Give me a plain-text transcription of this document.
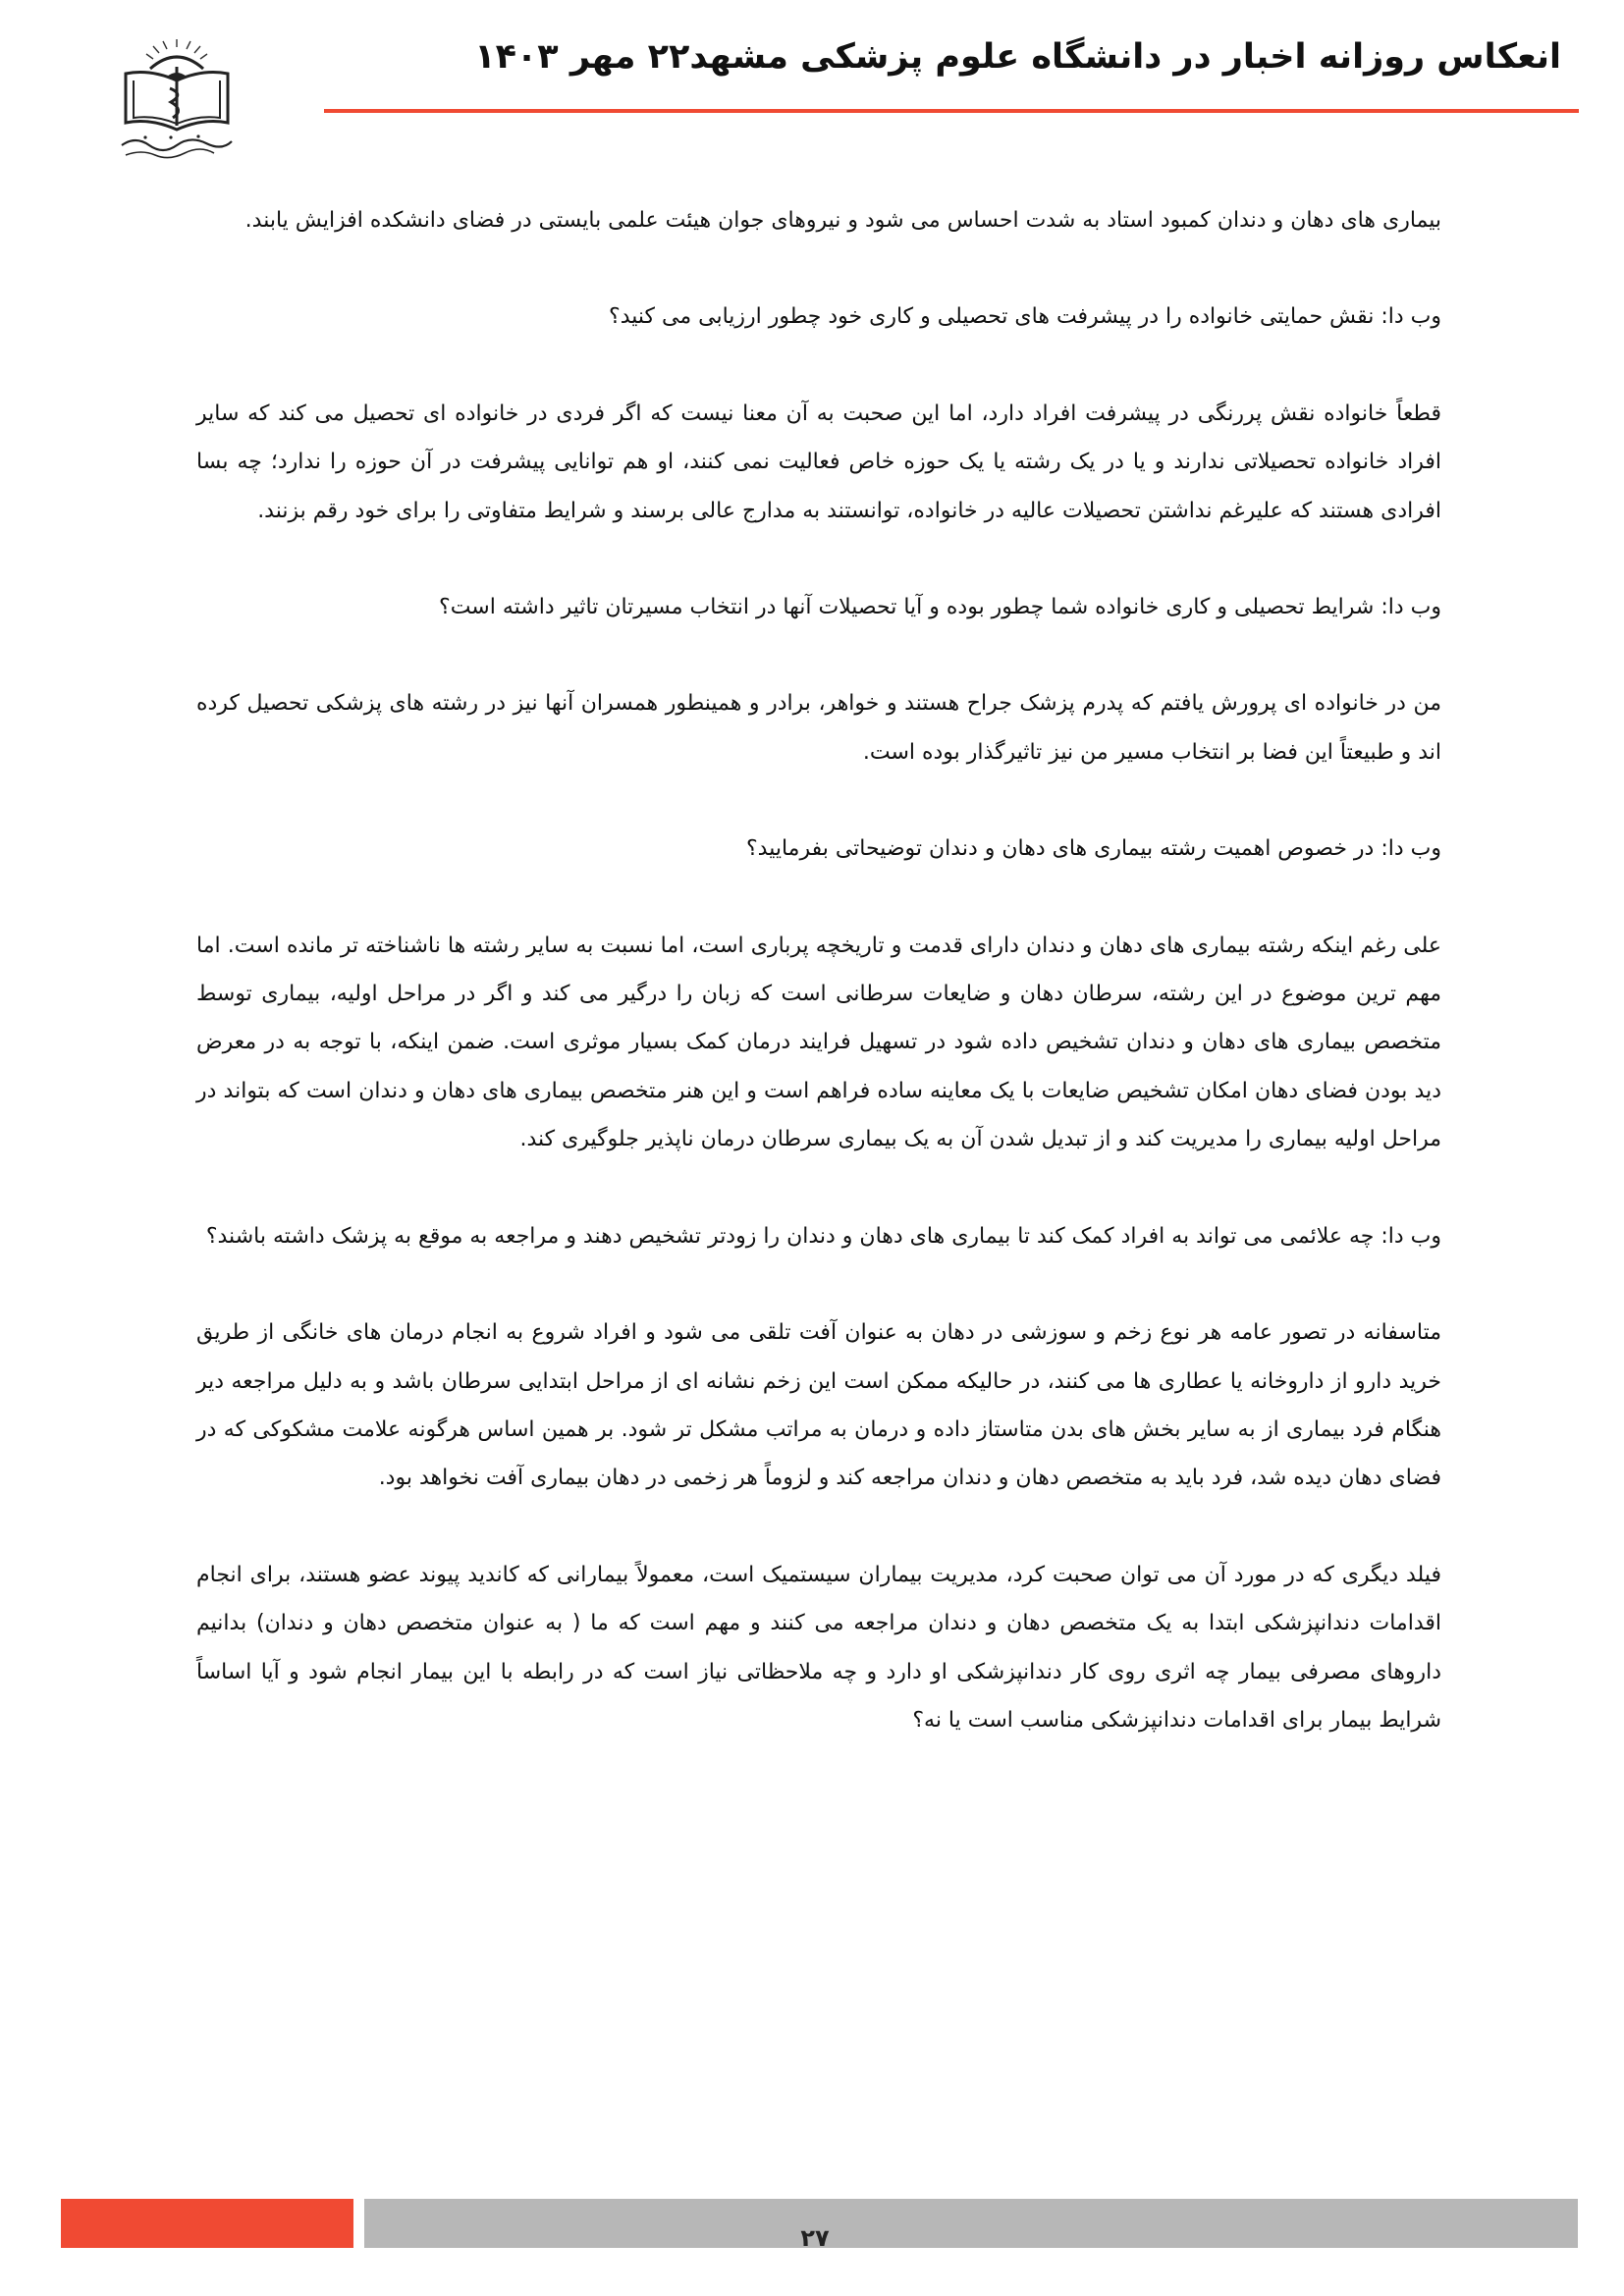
انعکاس روزانه اخبار در دانشگاه علوم پزشکی مشهد۲۲ مهر ۱۴۰۳

بیماری های دهان و دندان کمبود استاد به شدت احساس می شود و نیروهای جوان هیئت علمی بایستی در فضای دانشکده افزایش یابند.

وب دا: نقش حمایتی خانواده را در پیشرفت های تحصیلی و کاری خود چطور ارزیابی می کنید؟

قطعاً خانواده نقش پررنگی در پیشرفت افراد دارد، اما این صحبت به آن معنا نیست که اگر فردی در خانواده ای تحصیل می کند که سایر افراد خانواده تحصیلاتی ندارند و یا در یک رشته یا یک حوزه خاص فعالیت نمی کنند، او هم توانایی پیشرفت در آن حوزه را ندارد؛ چه بسا افرادی هستند که علیرغم نداشتن تحصیلات عالیه در خانواده، توانستند به مدارج عالی برسند و شرایط متفاوتی را برای خود رقم بزنند.

وب دا: شرایط تحصیلی و کاری خانواده شما چطور بوده و آیا تحصیلات آنها در انتخاب مسیرتان تاثیر داشته است؟

من در خانواده ای پرورش یافتم که پدرم پزشک جراح هستند و خواهر، برادر و همینطور همسران آنها نیز در رشته های پزشکی تحصیل کرده اند و طبیعتاً این فضا بر انتخاب مسیر من نیز تاثیرگذار بوده است.

وب دا: در خصوص اهمیت رشته بیماری های دهان و دندان توضیحاتی بفرمایید؟

علی رغم اینکه رشته بیماری های دهان و دندان دارای قدمت و تاریخچه پرباری است، اما نسبت به سایر رشته ها ناشناخته تر مانده است. اما مهم ترین موضوع در این رشته، سرطان دهان و ضایعات سرطانی است که زبان را درگیر می کند و اگر در مراحل اولیه، بیماری توسط متخصص بیماری های دهان و دندان تشخیص داده شود در تسهیل فرایند درمان کمک بسیار موثری است. ضمن اینکه، با توجه به در معرض دید بودن فضای دهان امکان تشخیص ضایعات با یک معاینه ساده فراهم است و این هنر متخصص بیماری های دهان و دندان است که بتواند در مراحل اولیه بیماری را مدیریت کند و از تبدیل شدن آن به یک بیماری سرطان درمان ناپذیر جلوگیری کند.

وب دا: چه علائمی می تواند به افراد کمک کند تا بیماری های دهان و دندان را زودتر تشخیص دهند و مراجعه به موقع به پزشک داشته باشند؟

متاسفانه در تصور عامه هر نوع زخم و سوزشی در دهان به عنوان آفت تلقی می شود و افراد شروع به انجام درمان های خانگی از طریق خرید دارو از داروخانه یا عطاری ها می کنند، در حالیکه ممکن است این زخم نشانه ای از مراحل ابتدایی سرطان باشد و به دلیل مراجعه دیر هنگام فرد بیماری از به سایر بخش های بدن متاستاز داده و درمان به مراتب مشکل تر شود. بر همین اساس هرگونه علامت مشکوکی که در فضای دهان دیده شد، فرد باید به متخصص دهان و دندان مراجعه کند و لزوماً هر زخمی در دهان بیماری آفت نخواهد بود.

فیلد دیگری که در مورد آن می توان صحبت کرد، مدیریت بیماران سیستمیک است، معمولاً بیمارانی که کاندید پیوند عضو هستند، برای انجام اقدامات دندانپزشکی ابتدا به یک متخصص دهان و دندان مراجعه می کنند و مهم است که ما ( به عنوان متخصص دهان و دندان) بدانیم داروهای مصرفی بیمار چه اثری روی کار دندانپزشکی او دارد و چه ملاحظاتی نیاز است که در رابطه با این بیمار انجام شود و آیا اساساً شرایط بیمار برای اقدامات دندانپزشکی مناسب است یا نه؟

۲۷
